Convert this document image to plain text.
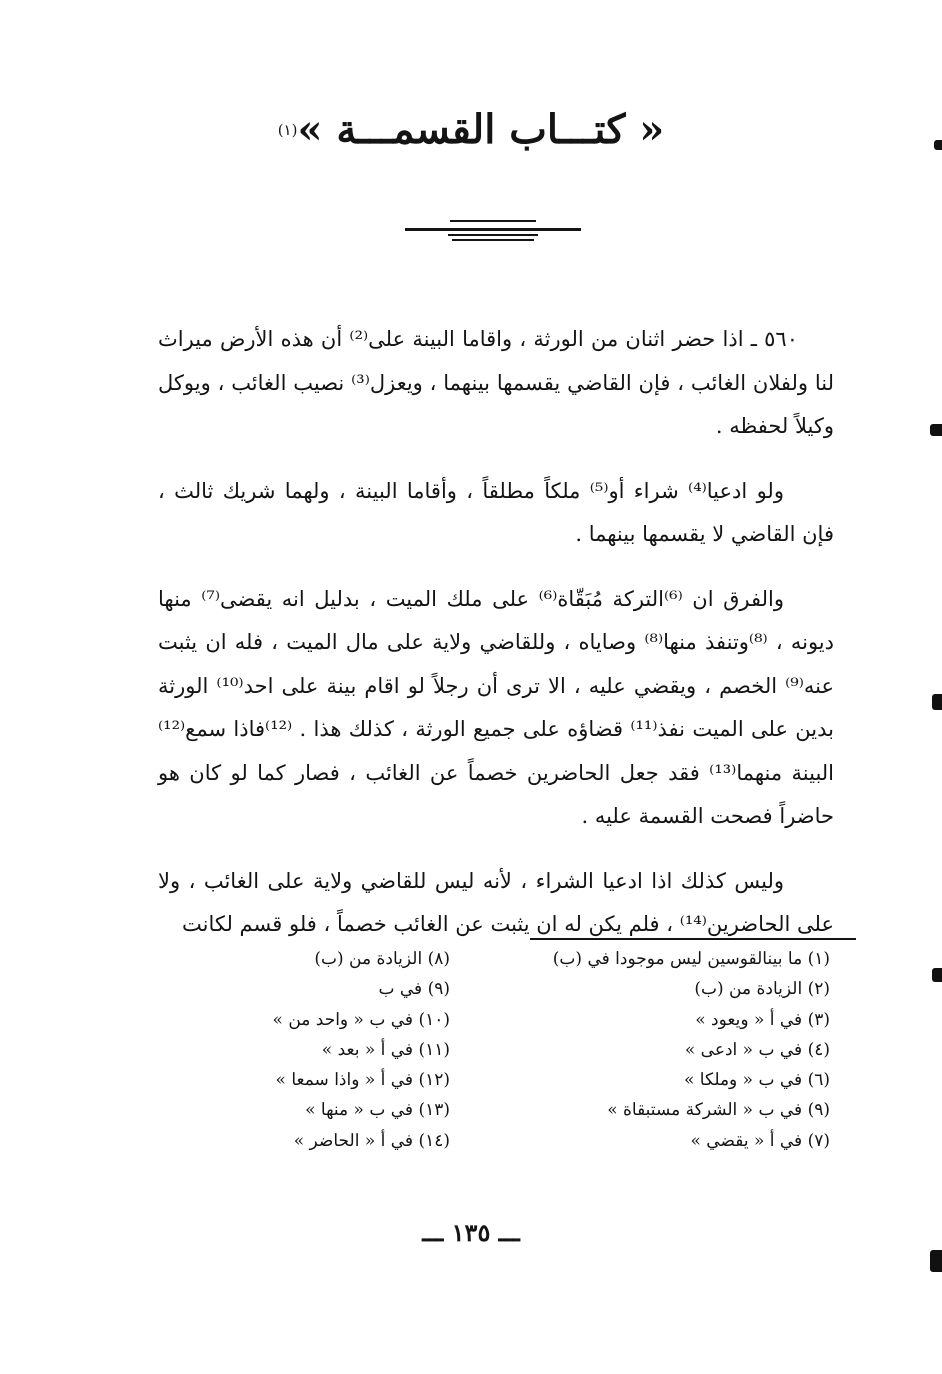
« كتـــاب القسمـــة »$^{(١)}$

٥٦٠ ـ اذا حضر اثنان من الورثة ، واقاما البينة على⁽²⁾ أن هذه الأرض ميراث لنا ولفلان الغائب ، فإن القاضي يقسمها بينهما ، ويعزل⁽³⁾ نصيب الغائب ، ويوكل وكيلاً لحفظه .

ولو ادعيا⁽⁴⁾ شراء أو⁽⁵⁾ ملكاً مطلقاً ، وأقاما البينة ، ولهما شريك ثالث ، فإن القاضي لا يقسمها بينهما .

والفرق ان ⁽⁶⁾التركة مُبَقّاة⁽⁶⁾ على ملك الميت ، بدليل انه يقضى⁽⁷⁾ منها ديونه ، ⁽⁸⁾وتنفذ منها⁽⁸⁾ وصاياه ، وللقاضي ولاية على مال الميت ، فله ان يثبت عنه⁽⁹⁾ الخصم ، ويقضي عليه ، الا ترى أن رجلاً لو اقام بينة على احد⁽¹⁰⁾ الورثة بدين على الميت نفذ⁽¹¹⁾ قضاؤه على جميع الورثة ، كذلك هذا . ⁽¹²⁾فاذا سمع⁽¹²⁾ البينة منهما⁽¹³⁾ فقد جعل الحاضرين خصماً عن الغائب ، فصار كما لو كان هو حاضراً فصحت القسمة عليه .

وليس كذلك اذا ادعيا الشراء ، لأنه ليس للقاضي ولاية على الغائب ، ولا على الحاضرين⁽¹⁴⁾ ، فلم يكن له ان يثبت عن الغائب خصماً ، فلو قسم لكانت

(١) ما بينالقوسين ليس موجودا في (ب)
(٢) الزيادة من (ب)
(٣) في أ « ويعود »
(٤) في ب « ادعى »
(٦) في ب « وملكا »
(٩) في ب « الشركة مستبقاة »
(٧) في أ « يقضي »
(٨) الزيادة من (ب)
(٩) في ب
(١٠) في ب « واحد من »
(١١) في أ « بعد »
(١٢) في أ « واذا سمعا »
(١٣) في ب « منها »
(١٤) في أ « الحاضر »
ـــ ١٣٥ ـــ
